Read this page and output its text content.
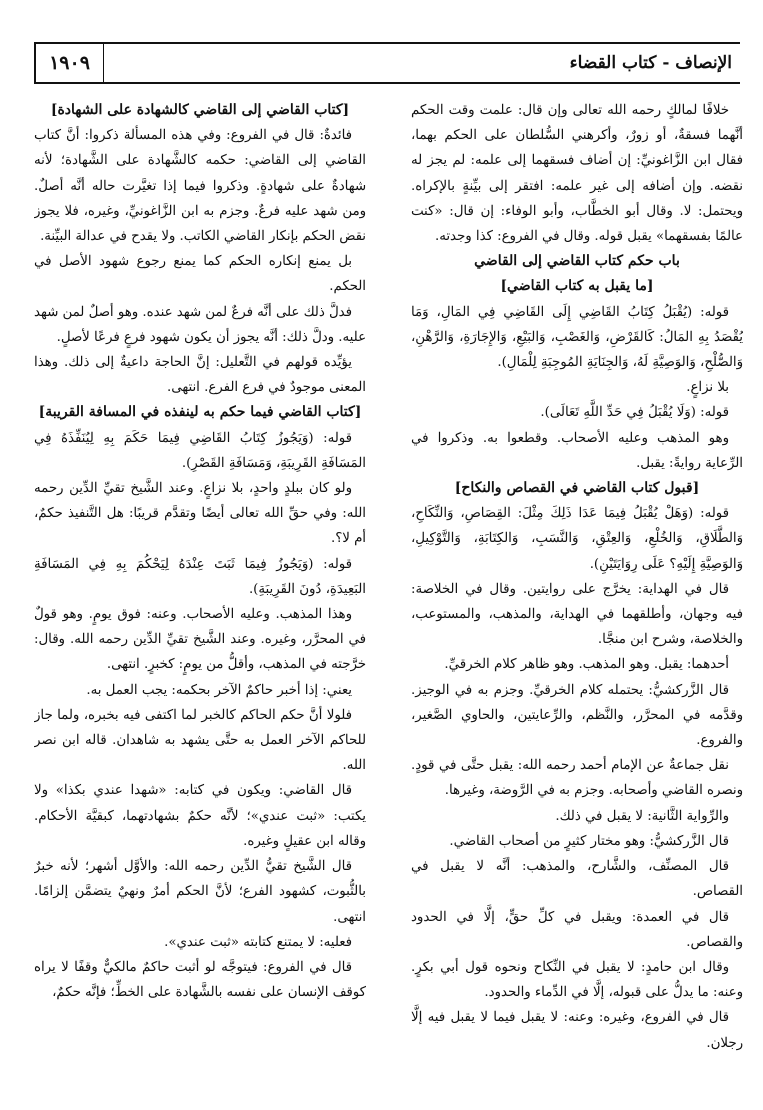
١٩٠٩	الإنصاف - كتاب القضاء

خلافًا لمالكٍ رحمه الله تعالى وإن قال: علمت وقت الحكم أنَّهما فسقةٌ، أو زورٌ، وأكرهني السُّلطان على الحكم بهما، فقال ابن الزَّاغونيِّ: إن أضاف فسقهما إلى علمه: لم يجز له نقضه. وإن أضافه إلى غير علمه: افتقر إلى بيِّنةٍ بالإكراه. ويحتمل: لا. وقال أبو الخطَّاب، وأبو الوفاء: إن قال: «كنت عالمًا بفسقهما» يقبل قوله. وقال في الفروع: كذا وجدته.

باب حكم كتاب القاضي إلى القاضي

[ما يقبل به كتاب القاضي]

قوله: (يُقْبَلُ كِتَابُ القَاضِي إِلَى القَاضِي فِي المَالِ، وَمَا يُقْصَدُ بِهِ المَالُ: كَالقَرْضِ، وَالغَصْبِ، وَالبَيْعِ، وَالإِجَارَةِ، وَالرَّهْنِ، وَالصُّلْحِ، وَالوَصِيَّةِ لَهُ، وَالجِنَايَةِ المُوجِبَةِ لِلْمَالِ).

بلا نزاعٍ.

قوله: (وَلَا يُقْبَلُ فِي حَدِّ اللَّهِ تَعَالَى).

وهو المذهب وعليه الأصحاب. وقطعوا به. وذكروا في الرِّعاية روايةً: يقبل.

[قبول كتاب القاضي في القصاص والنكاح]

قوله: (وَهَلْ يُقْبَلُ فِيمَا عَدَا ذَلِكَ مِثْلَ: القِصَاصِ، وَالنِّكَاحِ، وَالطَّلَاقِ، وَالخُلْعِ، وَالعِتْقِ، وَالنَّسَبِ، وَالكِتَابَةِ، وَالتَّوْكِيلِ، وَالوَصِيَّةِ إِلَيْهِ؟ عَلَى رِوَايَتَيْنِ).

قال في الهداية: يخرَّج على روايتين. وقال في الخلاصة: فيه وجهان، وأطلقهما في الهداية، والمذهب، والمستوعب، والخلاصة، وشرح ابن منجَّا.

أحدهما: يقبل. وهو المذهب. وهو ظاهر كلام الخرقيِّ.

قال الزَّركشيُّ: يحتمله كلام الخرقيِّ. وجزم به في الوجيز. وقدَّمه في المحرَّر، والنَّظم، والرِّعايتين، والحاوي الصَّغير، والفروع.

نقل جماعةٌ عن الإمام أحمد رحمه الله: يقبل حتَّى في قودٍ. ونصره القاضي وأصحابه. وجزم به في الرَّوضة، وغيرها.

والرِّواية الثَّانية: لا يقبل في ذلك.

قال الزَّركشيُّ: وهو مختار كثيرٍ من أصحاب القاضي.

قال المصنِّف، والشَّارح، والمذهب: أنَّه لا يقبل في القصاص.

قال في العمدة: ويقبل في كلِّ حقٍّ، إلَّا في الحدود والقصاص.

وقال ابن حامدٍ: لا يقبل في النِّكاح ونحوه قول أبي بكرٍ. وعنه: ما يدلُّ على قبوله، إلَّا في الدِّماء والحدود.

قال في الفروع، وغيره: وعنه: لا يقبل فيما لا يقبل فيه إلَّا رجلان.

[كتاب القاضي إلى القاضي كالشهادة على الشهادة]

فائدةٌ: قال في الفروع: وفي هذه المسألة ذكروا: أنَّ كتاب القاضي إلى القاضي: حكمه كالشَّهادة على الشَّهادة؛ لأنه شهادةٌ على شهادةٍ. وذكروا فيما إذا تغيَّرت حاله أنَّه أصلٌ. ومن شهد عليه فرعٌ. وجزم به ابن الزَّاغونيِّ، وغيره، فلا يجوز نقض الحكم بإنكار القاضي الكاتب. ولا يقدح في عدالة البيِّنة.

بل يمنع إنكاره الحكم كما يمنع رجوع شهود الأصل في الحكم.

فدلَّ ذلك على أنَّه فرعٌ لمن شهد عنده. وهو أصلٌ لمن شهد عليه. ودلَّ ذلك: أنَّه يجوز أن يكون شهود فرعٍ فرعًا لأصلٍ.

يؤيِّده قولهم في التَّعليل: إنَّ الحاجة داعيةٌ إلى ذلك. وهذا المعنى موجودٌ في فرع الفرع. انتهى.

[كتاب القاضي فيما حكم به لينفذه في المسافة القريبة]

قوله: (وَيَجُوزُ كِتَابُ القَاضِي فِيمَا حَكَمَ بِهِ لِيُنَفِّذَهُ فِي المَسَافَةِ القَرِيبَةِ، وَمَسَافَةِ القَصْرِ).

ولو كان ببلدٍ واحدٍ، بلا نزاعٍ. وعند الشَّيخ تقيِّ الدِّين رحمه الله: وفي حقِّ الله تعالى أيضًا وتقدَّم قريبًا: هل التَّنفيذ حكمٌ، أم لا؟.

قوله: (وَيَجُوزُ فِيمَا ثَبَتَ عِنْدَهُ لِيَحْكُمَ بِهِ فِي المَسَافَةِ البَعِيدَةِ، دُونَ القَرِيبَةِ).

وهذا المذهب. وعليه الأصحاب. وعنه: فوق يومٍ. وهو قولٌ في المحرَّر، وغيره. وعند الشَّيخ تقيِّ الدِّين رحمه الله. وقال: خرَّجته في المذهب، وأقلُّ من يومٍ: كخبرٍ. انتهى.

يعني: إذا أخبر حاكمٌ الآخر بحكمه: يجب العمل به.

فلولا أنَّ حكم الحاكم كالخبر لما اكتفى فيه بخبره، ولما جاز للحاكم الآخر العمل به حتَّى يشهد به شاهدان. قاله ابن نصر الله.

قال القاضي: ويكون في كتابه: «شهدا عندي بكذا» ولا يكتب: «ثبت عندي»؛ لأنَّه حكمٌ بشهادتهما، كبقيَّة الأحكام. وقاله ابن عقيلٍ وغيره.

قال الشَّيخ تقيُّ الدِّين رحمه الله: والأوَّل أشهر؛ لأنه خبرٌ بالثُّبوت، كشهود الفرع؛ لأنَّ الحكم أمرٌ ونهيٌ يتضمَّن إلزامًا. انتهى.

فعليه: لا يمتنع كتابته «ثبت عندي».

قال في الفروع: فيتوجَّه لو أثبت حاكمٌ مالكيٌّ وقفًا لا يراه كوقف الإنسان على نفسه بالشَّهادة على الخطِّ؛ فإنَّه حكمٌ،
